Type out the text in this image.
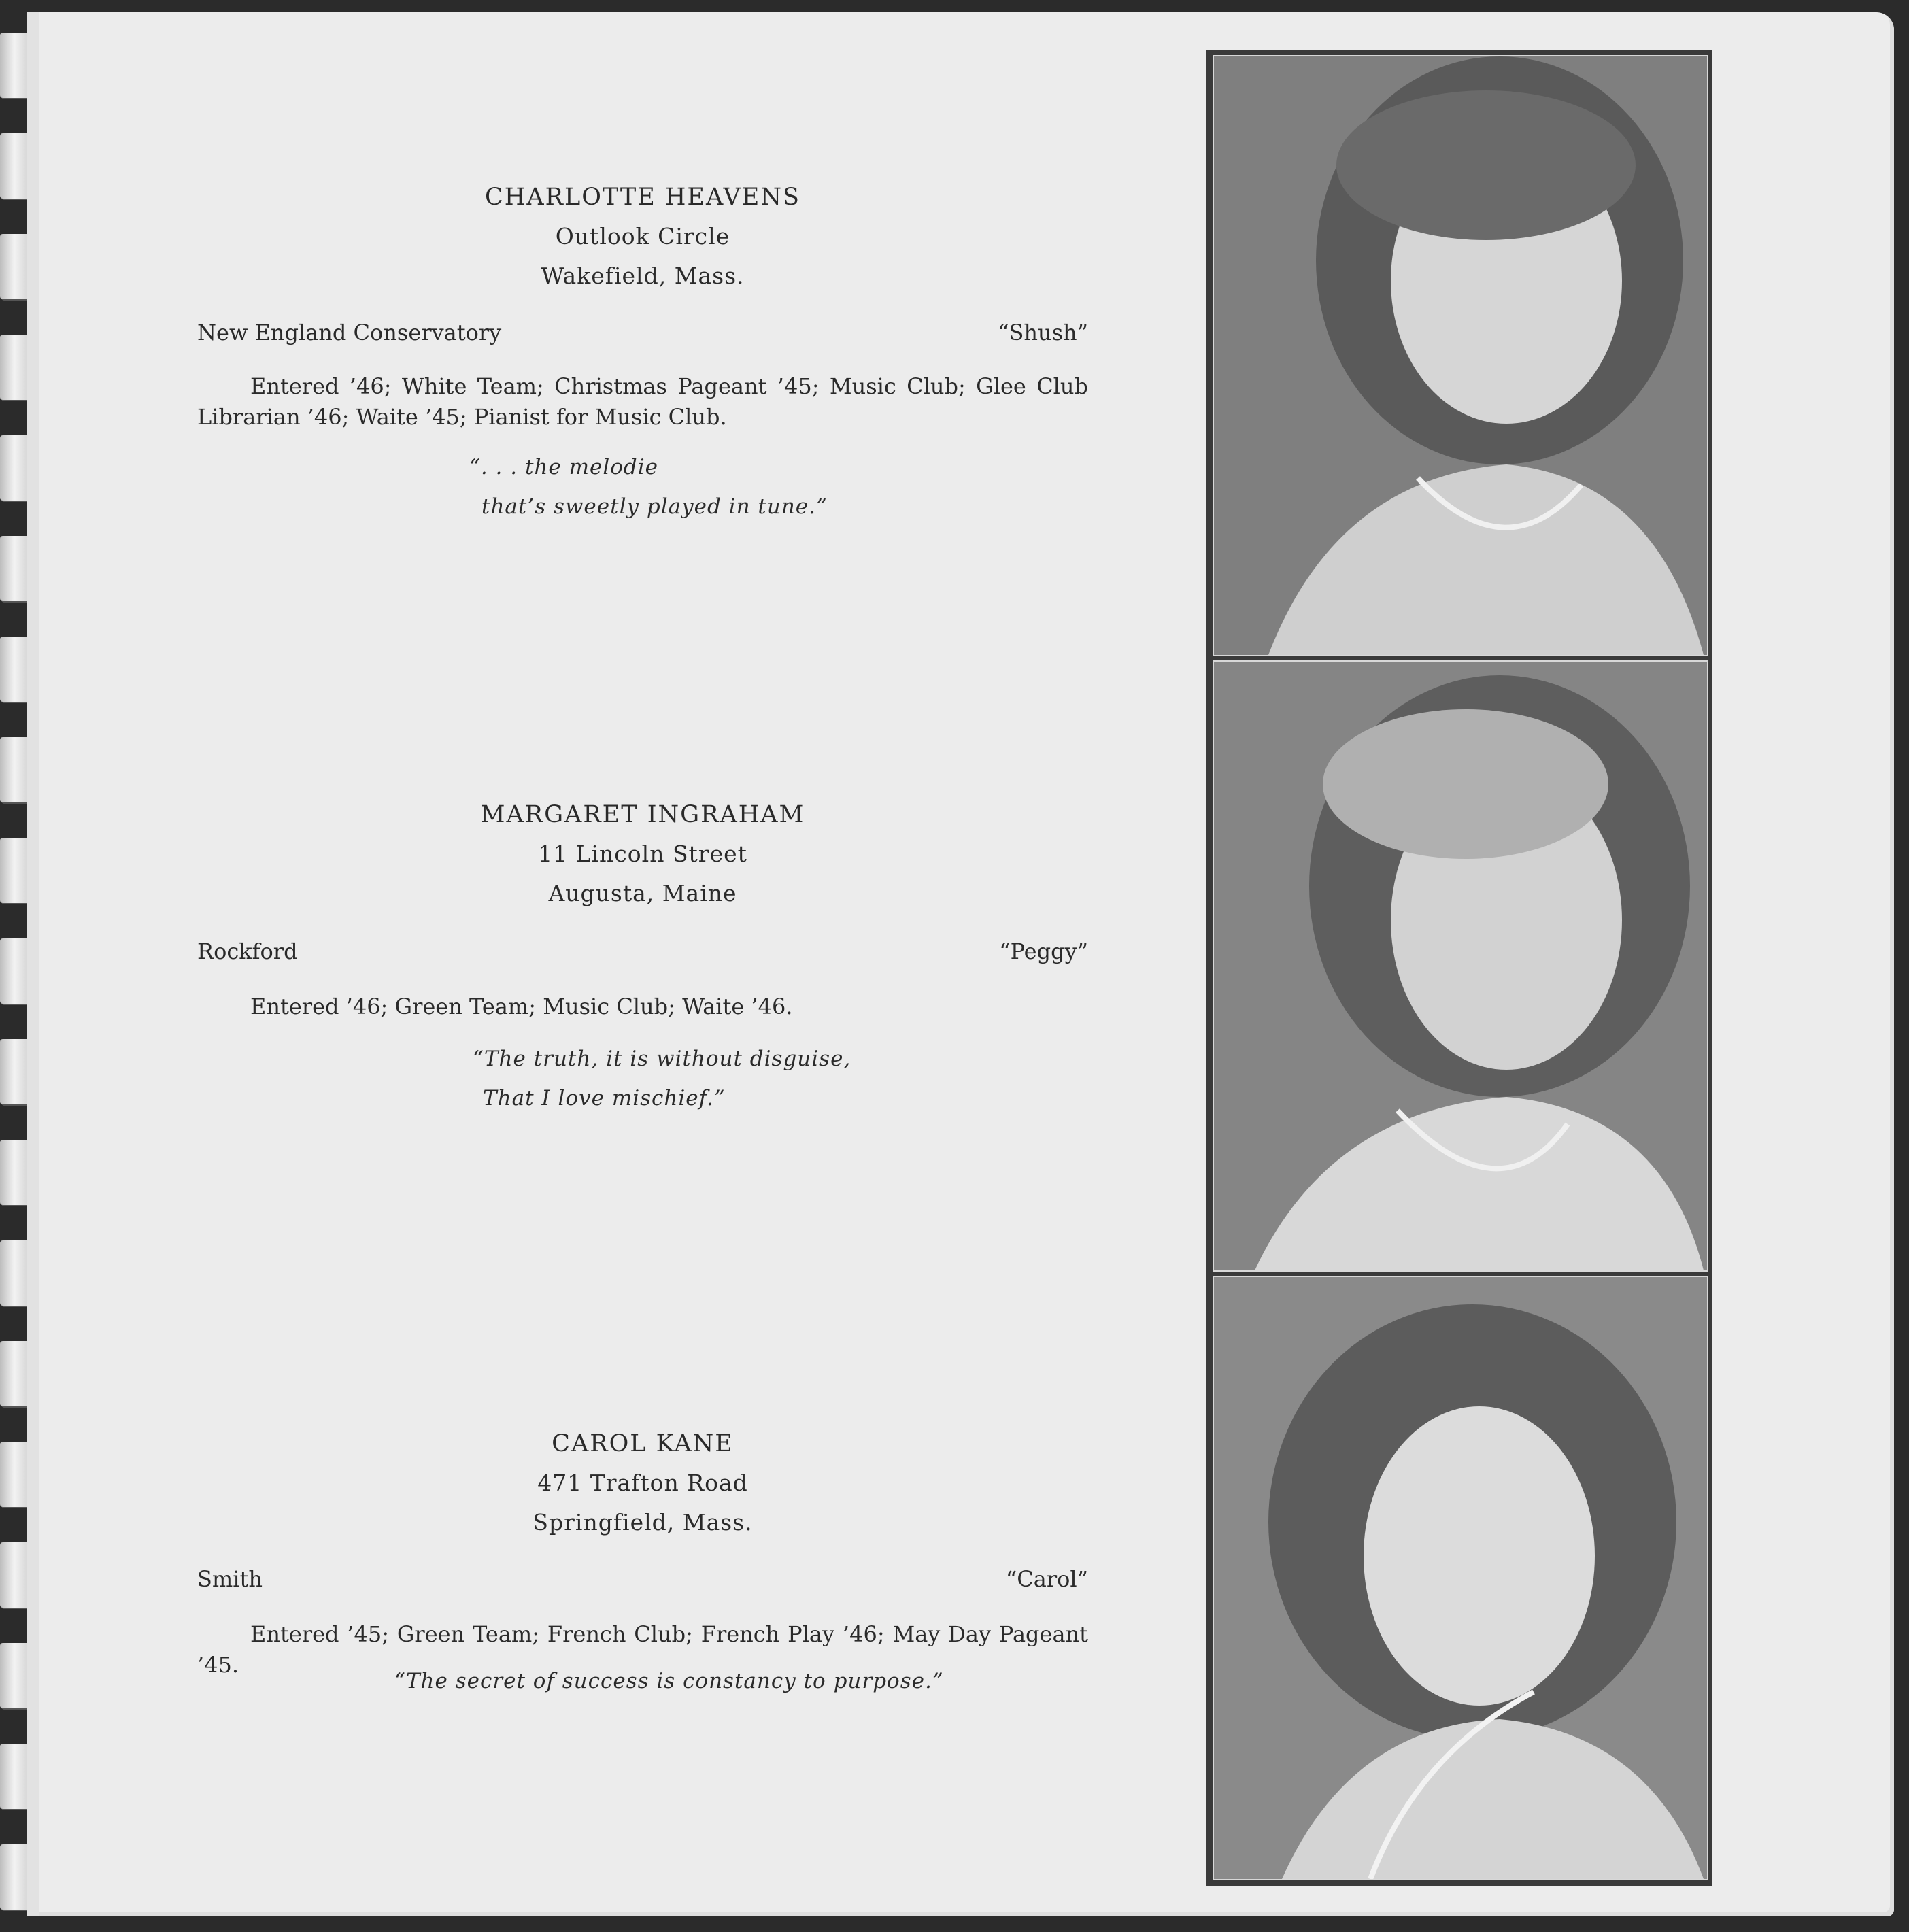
CHARLOTTE HEAVENS
Outlook Circle
Wakefield, Mass.
New England Conservatory	“Shush”
Entered ’46; White Team; Christmas Pageant ’45; Music Club; Glee Club Librarian ’46; Waite ’45; Pianist for Music Club.
“. . . the melodie
that’s sweetly played in tune.”
MARGARET INGRAHAM
11 Lincoln Street
Augusta, Maine
Rockford	“Peggy”
Entered ’46; Green Team; Music Club; Waite ’46.
“The truth, it is without disguise,
That I love mischief.”
CAROL KANE
471 Trafton Road
Springfield, Mass.
Smith	“Carol”
Entered ’45; Green Team; French Club; French Play ’46; May Day Pageant ’45.
“The secret of success is constancy to purpose.”
